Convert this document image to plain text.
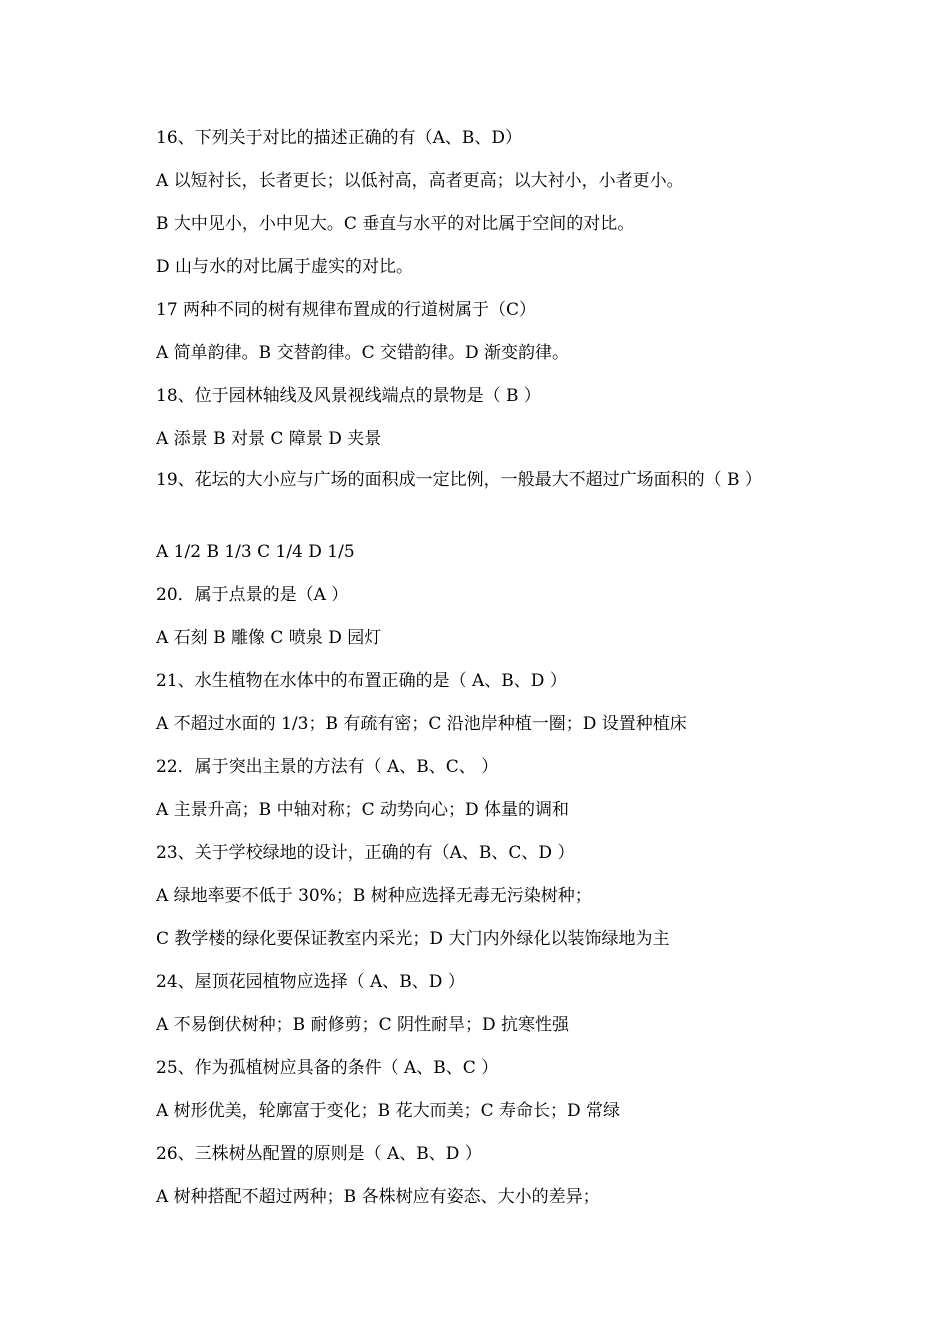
16、下列关于对比的描述正确的有（A、B、D）
A 以短衬长，长者更长；以低衬高，高者更高；以大衬小，小者更小。
B 大中见小，小中见大。C 垂直与水平的对比属于空间的对比。
D 山与水的对比属于虚实的对比。
17 两种不同的树有规律布置成的行道树属于（C）
A 简单韵律。B 交替韵律。C 交错韵律。D 渐变韵律。
18、位于园林轴线及风景视线端点的景物是（ B ）
A 添景 B 对景 C 障景 D 夹景
19、花坛的大小应与广场的面积成一定比例，一般最大不超过广场面积的（ B ）
A 1/2 B 1/3 C 1/4 D 1/5
20．属于点景的是（A ）
A 石刻 B 雕像 C 喷泉 D 园灯
21、水生植物在水体中的布置正确的是（ A、B、D ）
A 不超过水面的 1/3；B 有疏有密；C 沿池岸种植一圈；D 设置种植床
22．属于突出主景的方法有（ A、B、C、 ）
A 主景升高；B 中轴对称；C 动势向心；D 体量的调和
23、关于学校绿地的设计，正确的有（A、B、C、D ）
A 绿地率要不低于 30%；B 树种应选择无毒无污染树种；
C 教学楼的绿化要保证教室内采光；D 大门内外绿化以装饰绿地为主
24、屋顶花园植物应选择（ A、B、D ）
A 不易倒伏树种；B 耐修剪；C 阴性耐旱；D 抗寒性强
25、作为孤植树应具备的条件（ A、B、C ）
A 树形优美，轮廓富于变化；B 花大而美；C 寿命长；D 常绿
26、三株树丛配置的原则是（ A、B、D ）
A 树种搭配不超过两种；B 各株树应有姿态、大小的差异；
